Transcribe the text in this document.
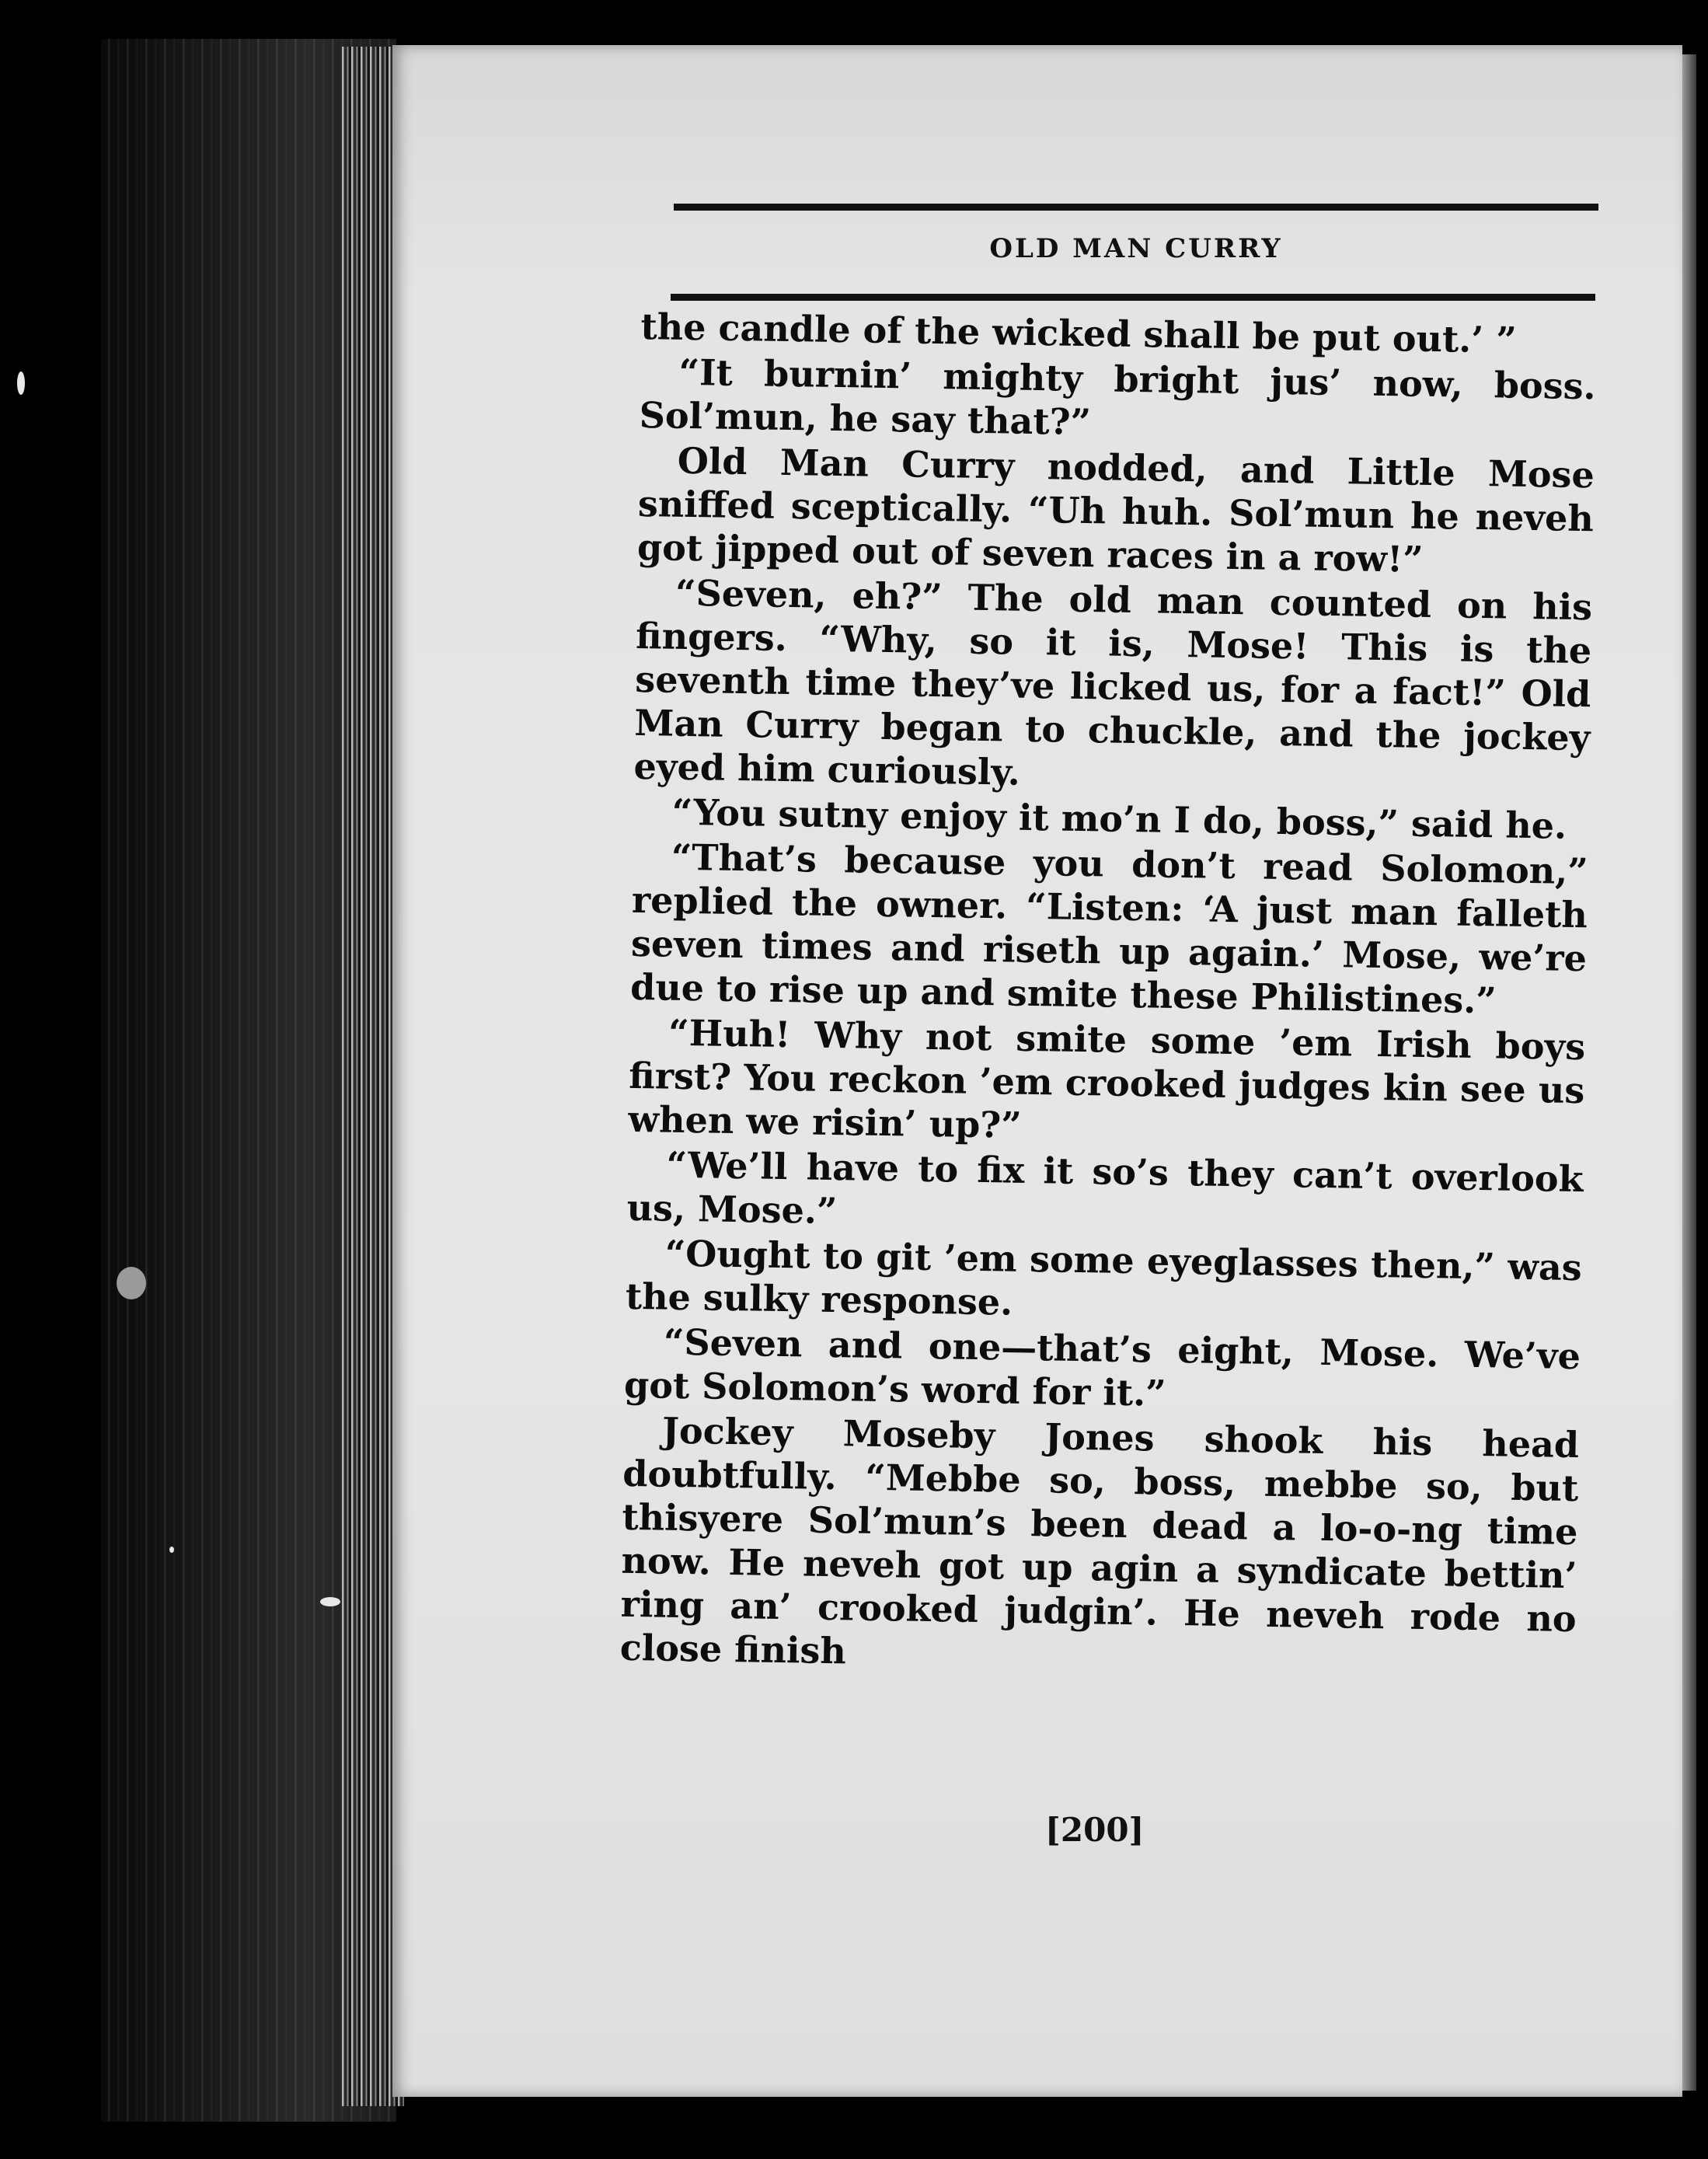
OLD MAN CURRY

the candle of the wicked shall be put out.’ ”

“It burnin’ mighty bright jus’ now, boss. Sol’mun, he say that?”

Old Man Curry nodded, and Little Mose sniffed sceptically. “Uh huh. Sol’mun he neveh got jipped out of seven races in a row!”

“Seven, eh?” The old man counted on his fingers. “Why, so it is, Mose! This is the seventh time they’ve licked us, for a fact!” Old Man Curry began to chuckle, and the jockey eyed him curiously.

“You sutny enjoy it mo’n I do, boss,” said he.

“That’s because you don’t read Solomon,” replied the owner. “Listen: ‘A just man falleth seven times and riseth up again.’ Mose, we’re due to rise up and smite these Philistines.”

“Huh! Why not smite some ’em Irish boys first? You reckon ’em crooked judges kin see us when we risin’ up?”

“We’ll have to fix it so’s they can’t overlook us, Mose.”

“Ought to git ’em some eyeglasses then,” was the sulky response.

“Seven and one—that’s eight, Mose. We’ve got Solomon’s word for it.”

Jockey Moseby Jones shook his head doubtfully. “Mebbe so, boss, mebbe so, but thisyere Sol’mun’s been dead a lo-o-ng time now. He neveh got up agin a syndicate bettin’ ring an’ crooked judgin’. He neveh rode no close finish

[200]
